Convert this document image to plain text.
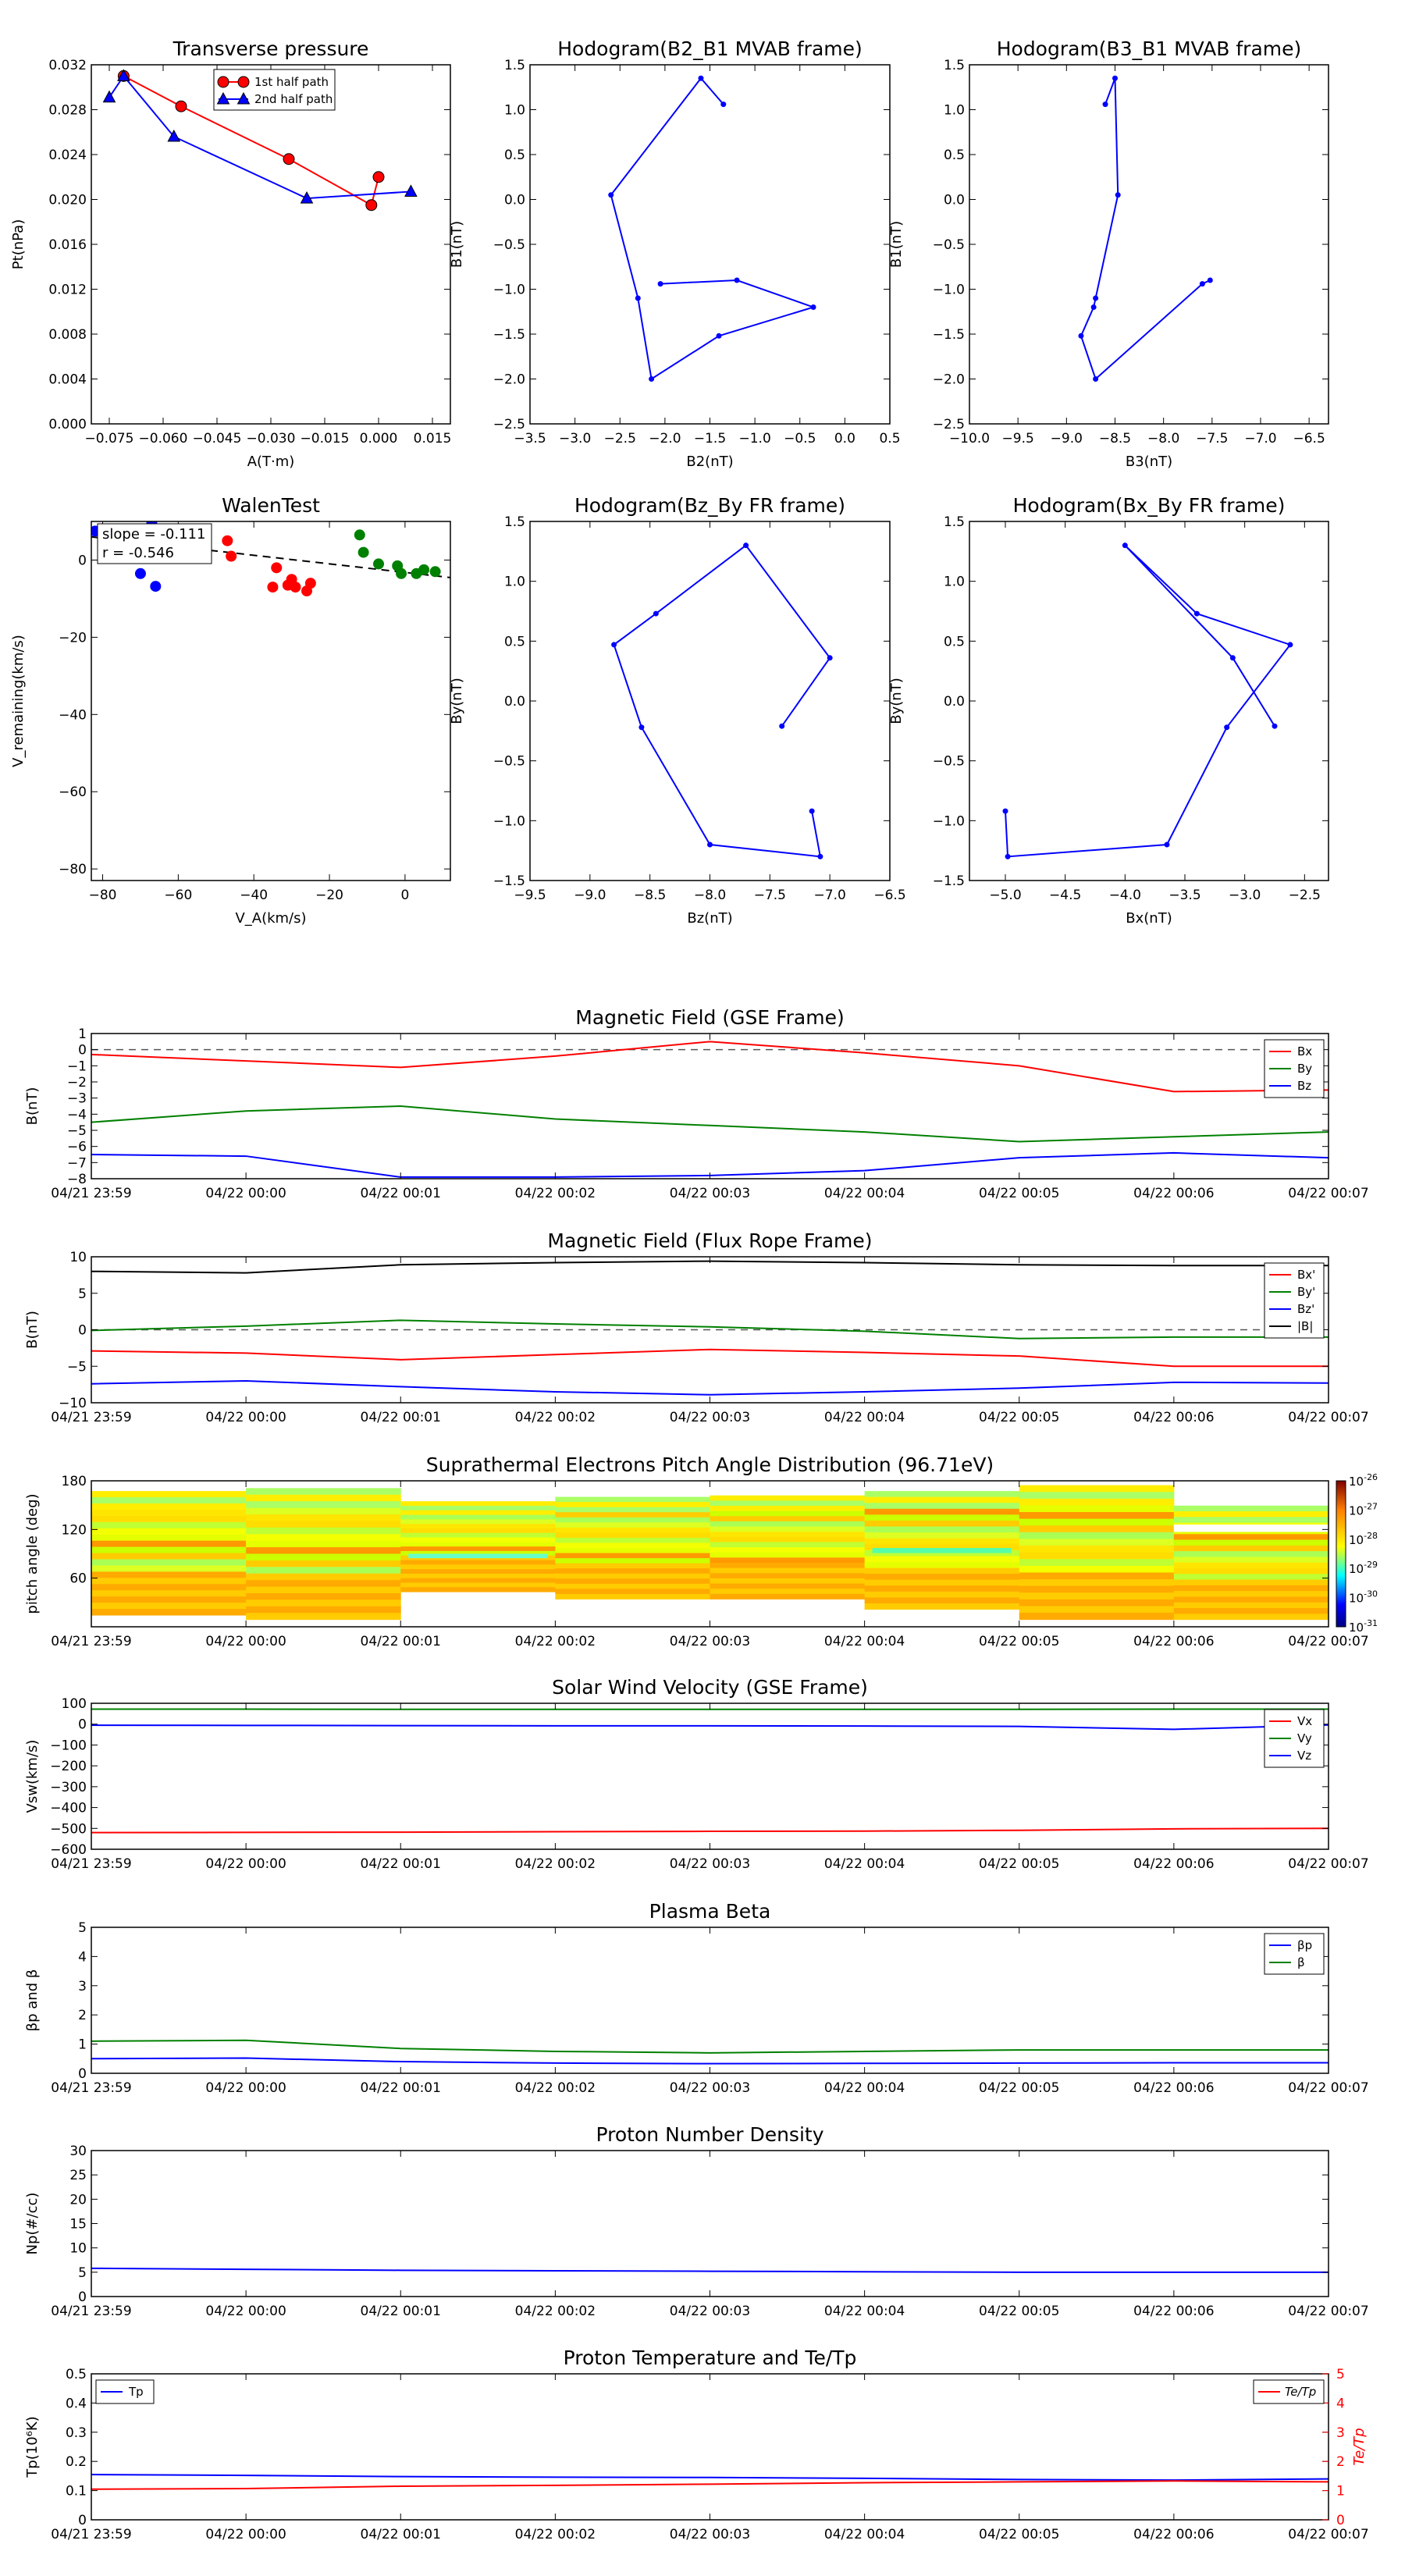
Transverse pressure
0.000
0.004
0.008
0.012
0.016
0.020
0.024
0.028
0.032
−0.075 −0.060 −0.045 −0.030 −0.015 0.000 0.015
A(T·m)
Pt(nPa)
1st half path
2nd half path
Hodogram(B2_B1 MVAB frame)
−2.5
−2.0
−1.5
−1.0
−0.5
0.0
0.5
1.0
1.5
−3.5 −3.0 −2.5 −2.0 −1.5 −1.0 −0.5 0.0 0.5
B2(nT)
B1(nT)
Hodogram(B3_B1 MVAB frame)
−2.5
−2.0
−1.5
−1.0
−0.5
0.0
0.5
1.0
1.5
−10.0 −9.5 −9.0 −8.5 −8.0 −7.5 −7.0 −6.5
B3(nT)
B1(nT)
WalenTest
−80
−60
−40
−20
0
−80	−60	−40	−20	0
V_A(km/s)
V_remaining(km/s)
slope = -0.111
r = -0.546
Hodogram(Bz_By FR frame)
−1.5
−1.0
−0.5
0.0
0.5
1.0
1.5
−9.5 −9.0 −8.5 −8.0 −7.5 −7.0 −6.5
Bz(nT)
By(nT)
Hodogram(Bx_By FR frame)
−1.5
−1.0
−0.5
0.0
0.5
1.0
1.5
−5.0 −4.5 −4.0 −3.5 −3.0 −2.5
Bx(nT)
By(nT)
Magnetic Field (GSE Frame)
−8
−7
−6
−5
−4
−3
−2
−1
0
1
04/21 23:59	04/22 00:00	04/22 00:01	04/22 00:02	04/22 00:03	04/22 00:04	04/22 00:05	04/22 00:06	04/22 00:07
B(nT)
Bx
By
Bz
Magnetic Field (Flux Rope Frame)
−10
−5
0
5
10
04/21 23:59	04/22 00:00	04/22 00:01	04/22 00:02	04/22 00:03	04/22 00:04	04/22 00:05	04/22 00:06	04/22 00:07
B(nT)
Bx'
By'
Bz'
|B|
Suprathermal Electrons Pitch Angle Distribution (96.71eV)
60
120
180
04/21 23:59	04/22 00:00	04/22 00:01	04/22 00:02	04/22 00:03	04/22 00:04	04/22 00:05	04/22 00:06	04/22 00:07
pitch angle (deg)
$10^{-26}$
$10^{-27}$
$10^{-28}$
$10^{-29}$
$10^{-30}$
$10^{-31}$
Solar Wind Velocity (GSE Frame)
−600
−500
−400
−300
−200
−100
0
100
04/21 23:59	04/22 00:00	04/22 00:01	04/22 00:02	04/22 00:03	04/22 00:04	04/22 00:05	04/22 00:06	04/22 00:07
Vsw(km/s)
Vx
Vy
Vz
Plasma Beta
0
1
2
3
4
5
04/21 23:59	04/22 00:00	04/22 00:01	04/22 00:02	04/22 00:03	04/22 00:04	04/22 00:05	04/22 00:06	04/22 00:07
βp and β
βp
β
Proton Number Density
0
5
10
15
20
25
30
04/21 23:59	04/22 00:00	04/22 00:01	04/22 00:02	04/22 00:03	04/22 00:04	04/22 00:05	04/22 00:06	04/22 00:07
Np(#/cc)
Proton Temperature and Te/Tp
0
0.1
0.2
0.3
0.4
0.5
0
1
2
3
4
5
Te/Tp
04/21 23:59	04/22 00:00	04/22 00:01	04/22 00:02	04/22 00:03	04/22 00:04	04/22 00:05	04/22 00:06	04/22 00:07
Tp(10⁶K)
Tp	Te/Tp
